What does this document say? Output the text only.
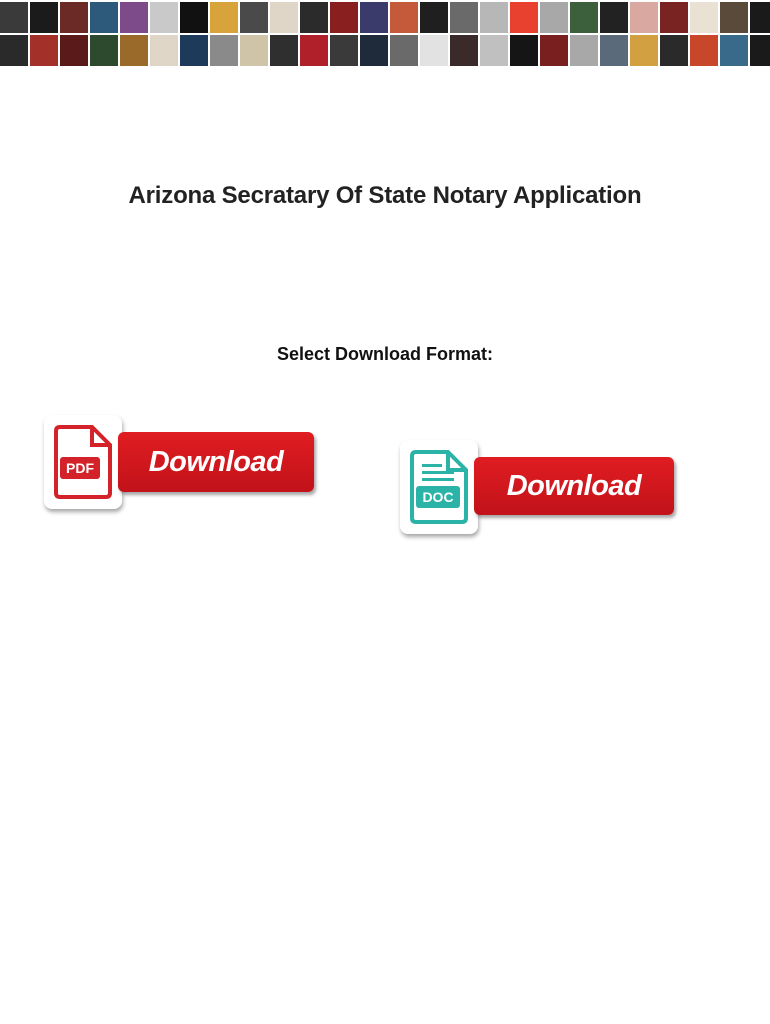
Arizona Secratary Of State Notary Application
Select Download Format:
PDF Download
DOC Download
